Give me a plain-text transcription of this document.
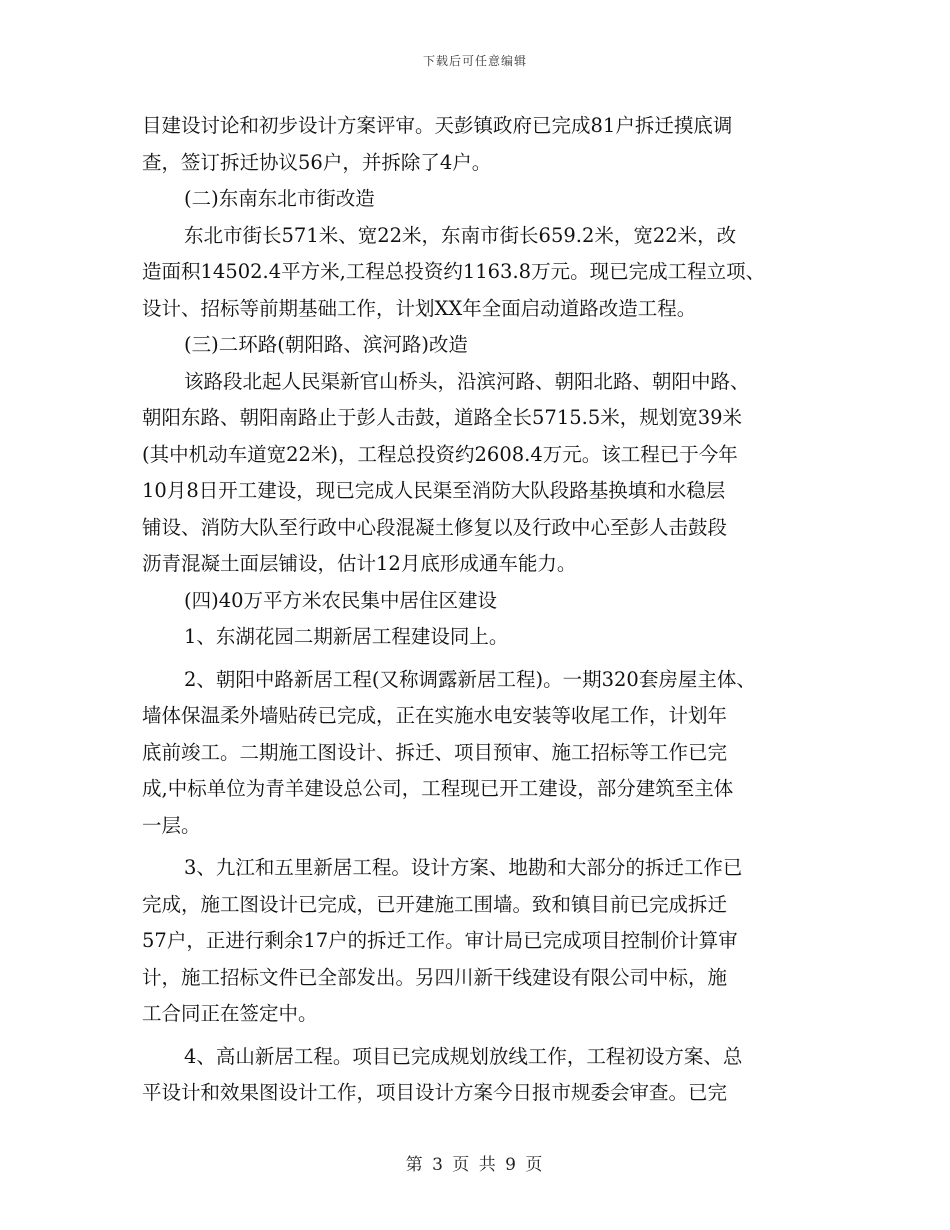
下载后可任意编辑
目建设讨论和初步设计方案评审。天彭镇政府已完成81户拆迁摸底调
查，签订拆迁协议56户，并拆除了4户。
(二)东南东北市街改造
东北市街长571米、宽22米，东南市街长659.2米，宽22米，改
造面积14502.4平方米,工程总投资约1163.8万元。现已完成工程立项、
设计、招标等前期基础工作，计划XX年全面启动道路改造工程。
(三)二环路(朝阳路、滨河路)改造
该路段北起人民渠新官山桥头，沿滨河路、朝阳北路、朝阳中路、
朝阳东路、朝阳南路止于彭人击鼓，道路全长5715.5米，规划宽39米
(其中机动车道宽22米)，工程总投资约2608.4万元。该工程已于今年
10月8日开工建设，现已完成人民渠至消防大队段路基换填和水稳层
铺设、消防大队至行政中心段混凝土修复以及行政中心至彭人击鼓段
沥青混凝土面层铺设，估计12月底形成通车能力。
(四)40万平方米农民集中居住区建设
1、东湖花园二期新居工程建设同上。
2、朝阳中路新居工程(又称调露新居工程)。一期320套房屋主体、
墙体保温柔外墙贴砖已完成，正在实施水电安装等收尾工作，计划年
底前竣工。二期施工图设计、拆迁、项目预审、施工招标等工作已完
成,中标单位为青羊建设总公司，工程现已开工建设，部分建筑至主体
一层。
3、九江和五里新居工程。设计方案、地勘和大部分的拆迁工作已
完成，施工图设计已完成，已开建施工围墙。致和镇目前已完成拆迁
57户，正进行剩余17户的拆迁工作。审计局已完成项目控制价计算审
计，施工招标文件已全部发出。另四川新干线建设有限公司中标，施
工合同正在签定中。
4、高山新居工程。项目已完成规划放线工作，工程初设方案、总
平设计和效果图设计工作，项目设计方案今日报市规委会审查。已完
第 3 页 共 9 页
